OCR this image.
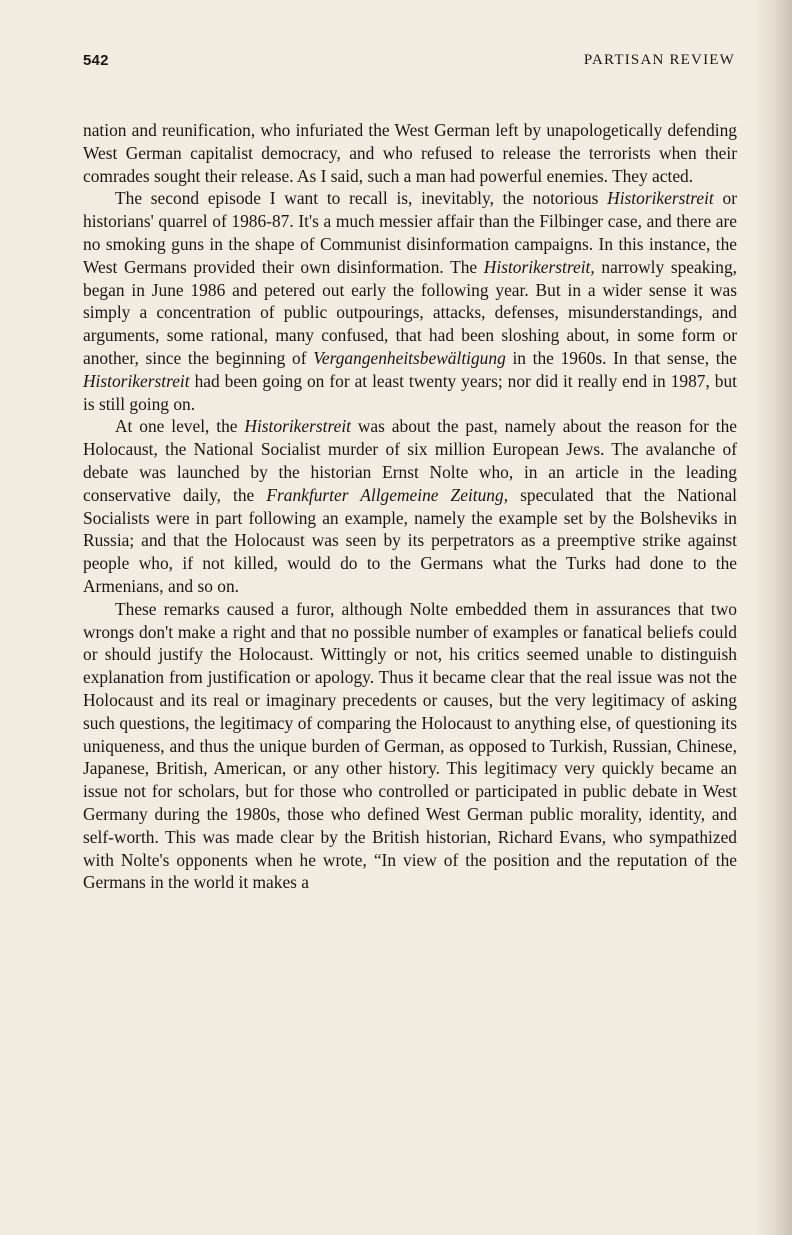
542	PARTISAN REVIEW

nation and reunification, who infuriated the West German left by unapologetically defending West German capitalist democracy, and who refused to release the terrorists when their comrades sought their release. As I said, such a man had powerful enemies. They acted.

The second episode I want to recall is, inevitably, the notorious Historikerstreit or historians' quarrel of 1986-87. It's a much messier affair than the Filbinger case, and there are no smoking guns in the shape of Communist disinformation campaigns. In this instance, the West Germans provided their own disinformation. The Historikerstreit, narrowly speaking, began in June 1986 and petered out early the following year. But in a wider sense it was simply a concentration of public outpourings, attacks, defenses, misunderstandings, and arguments, some rational, many confused, that had been sloshing about, in some form or another, since the beginning of Vergangenheitsbewältigung in the 1960s. In that sense, the Historikerstreit had been going on for at least twenty years; nor did it really end in 1987, but is still going on.

At one level, the Historikerstreit was about the past, namely about the reason for the Holocaust, the National Socialist murder of six million European Jews. The avalanche of debate was launched by the historian Ernst Nolte who, in an article in the leading conservative daily, the Frankfurter Allgemeine Zeitung, speculated that the National Socialists were in part following an example, namely the example set by the Bolsheviks in Russia; and that the Holocaust was seen by its perpetrators as a preemptive strike against people who, if not killed, would do to the Germans what the Turks had done to the Armenians, and so on.

These remarks caused a furor, although Nolte embedded them in assurances that two wrongs don't make a right and that no possible number of examples or fanatical beliefs could or should justify the Holocaust. Wittingly or not, his critics seemed unable to distinguish explanation from justification or apology. Thus it became clear that the real issue was not the Holocaust and its real or imaginary precedents or causes, but the very legitimacy of asking such questions, the legitimacy of comparing the Holocaust to anything else, of questioning its uniqueness, and thus the unique burden of German, as opposed to Turkish, Russian, Chinese, Japanese, British, American, or any other history. This legitimacy very quickly became an issue not for scholars, but for those who controlled or participated in public debate in West Germany during the 1980s, those who defined West German public morality, identity, and self-worth. This was made clear by the British historian, Richard Evans, who sympathized with Nolte's opponents when he wrote, “In view of the position and the reputation of the Germans in the world it makes a
